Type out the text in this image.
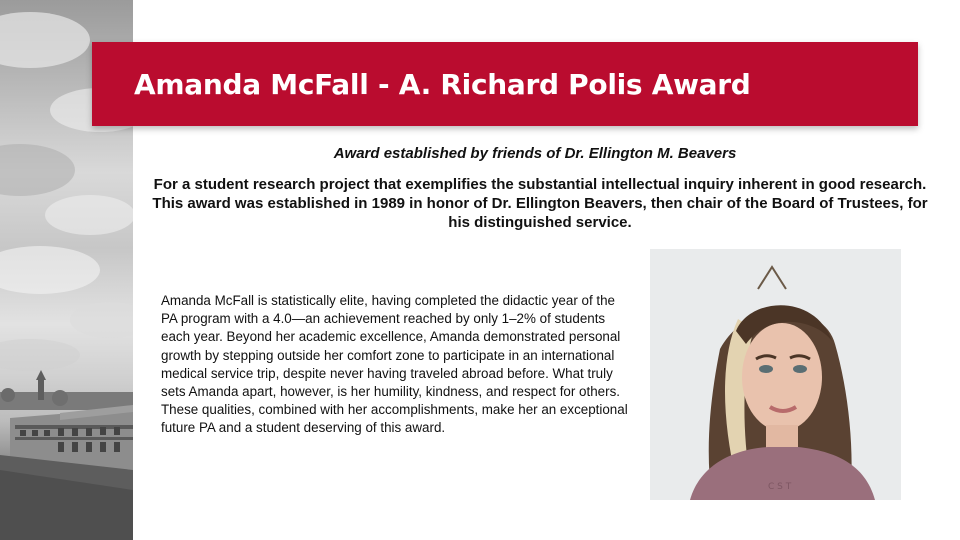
Amanda McFall - A. Richard Polis Award
Award established by friends of Dr. Ellington M. Beavers
For a student research project that exemplifies the substantial intellectual inquiry inherent in good research. This award was established in 1989 in honor of Dr. Ellington Beavers, then chair of the Board of Trustees, for his distinguished service.
Amanda McFall is statistically elite, having completed the didactic year of the PA program with a 4.0—an achievement reached by only 1–2% of students each year. Beyond her academic excellence, Amanda demonstrated personal growth by stepping outside her comfort zone to participate in an international medical service trip, despite never having traveled abroad before. What truly sets Amanda apart, however, is her humility, kindness, and respect for others. These qualities, combined with her accomplishments, make her an exceptional future PA and a student deserving of this award.
C S T
